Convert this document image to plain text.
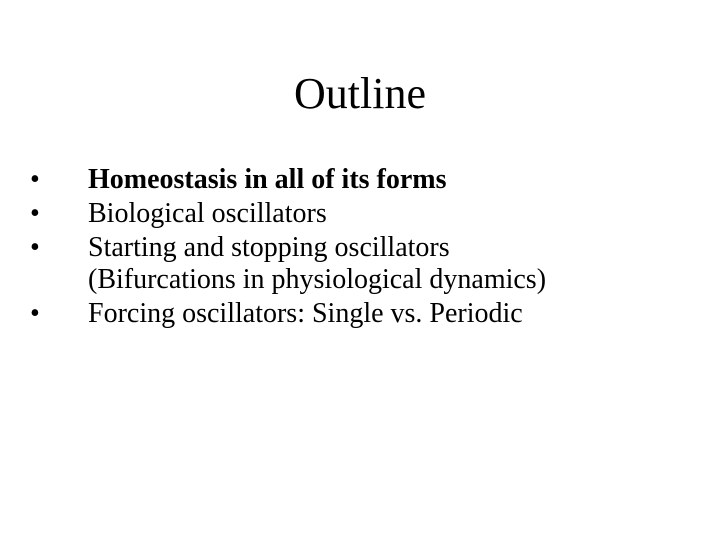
Outline
•	Homeostasis in all of its forms
•	Biological oscillators
•	Starting and stopping oscillators
(Bifurcations in physiological dynamics)
•	Forcing oscillators: Single vs. Periodic
